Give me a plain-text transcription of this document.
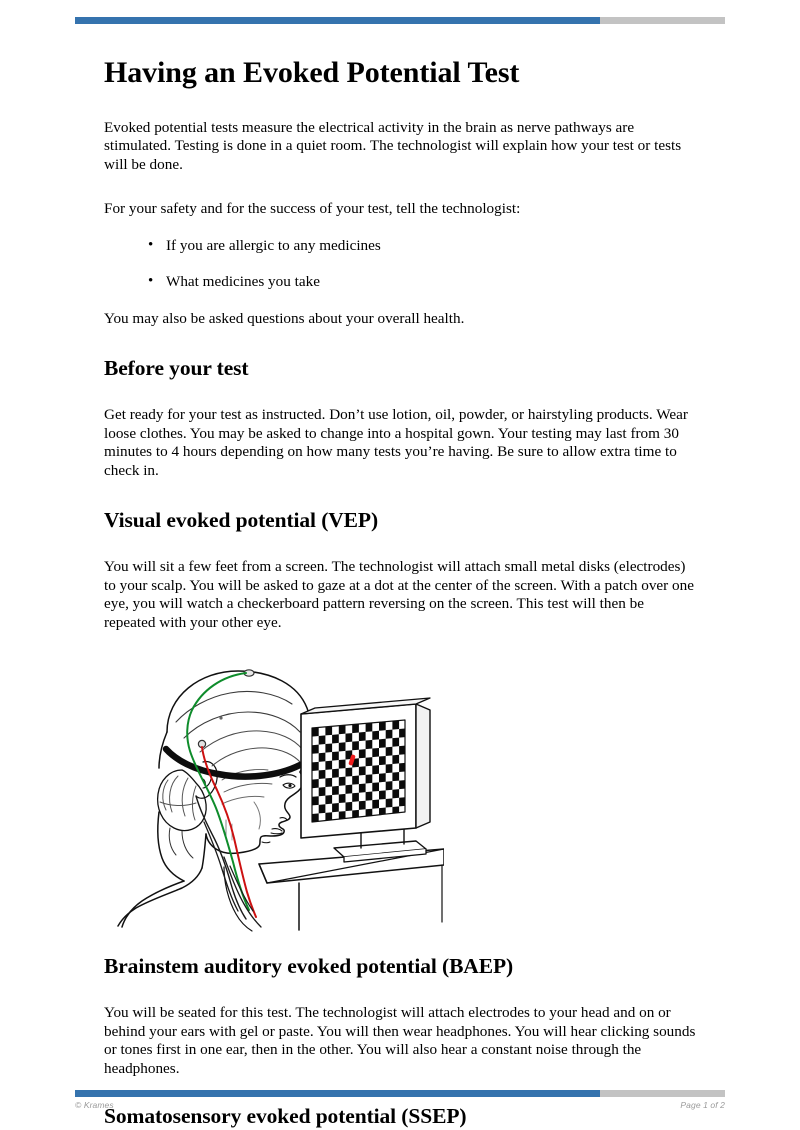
Having an Evoked Potential Test

Evoked potential tests measure the electrical activity in the brain as nerve pathways are stimulated. Testing is done in a quiet room. The technologist will explain how your test or tests will be done.

For your safety and for the success of your test, tell the technologist:

• If you are allergic to any medicines
• What medicines you take

You may also be asked questions about your overall health.

Before your test

Get ready for your test as instructed. Don’t use lotion, oil, powder, or hairstyling products. Wear loose clothes. You may be asked to change into a hospital gown. Your testing may last from 30 minutes to 4 hours depending on how many tests you’re having. Be sure to allow extra time to check in.

Visual evoked potential (VEP)

You will sit a few feet from a screen. The technologist will attach small metal disks (electrodes) to your scalp. You will be asked to gaze at a dot at the center of the screen. With a patch over one eye, you will watch a checkerboard pattern reversing on the screen. This test will then be repeated with your other eye.

Brainstem auditory evoked potential (BAEP)

You will be seated for this test. The technologist will attach electrodes to your head and on or behind your ears with gel or paste. You will then wear headphones. You will hear clicking sounds or tones first in one ear, then in the other. You will also hear a constant noise through the headphones.

Somatosensory evoked potential (SSEP)
© Krames	Page 1 of 2
